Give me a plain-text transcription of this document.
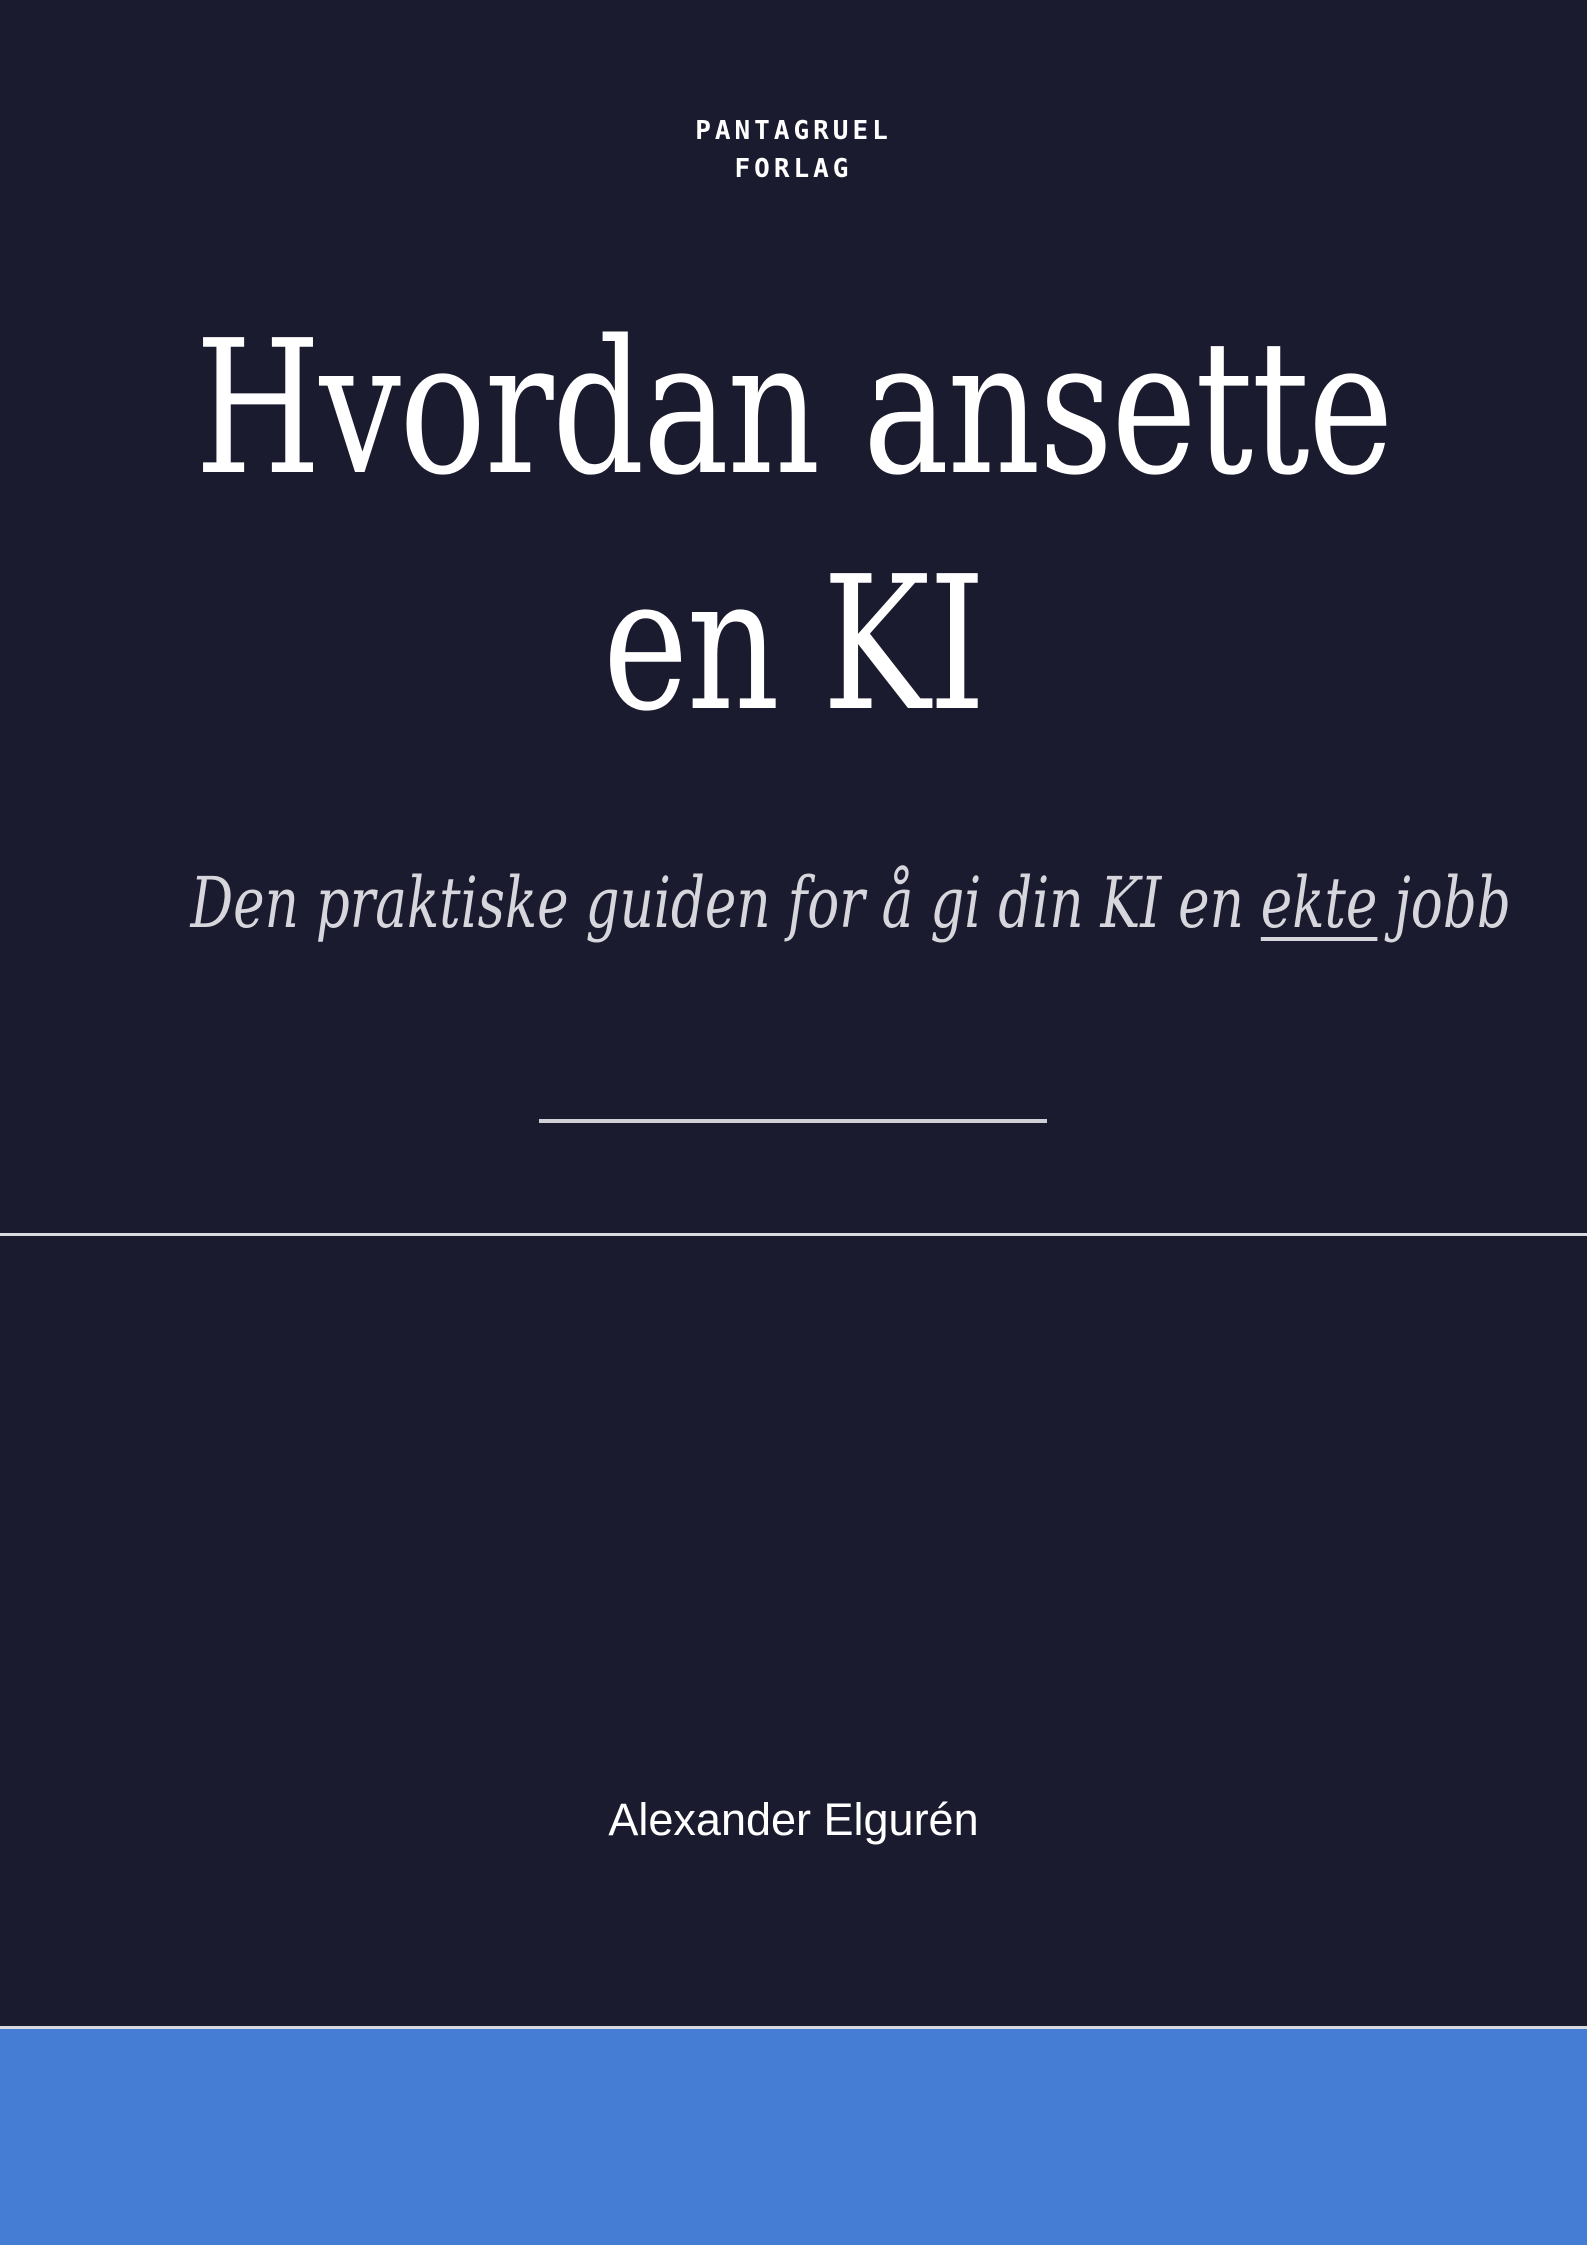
PANTAGRUEL
FORLAG
Hvordan ansette
en KI
Den praktiske guiden for å gi din KI en ekte jobb
Alexander Elgurén
